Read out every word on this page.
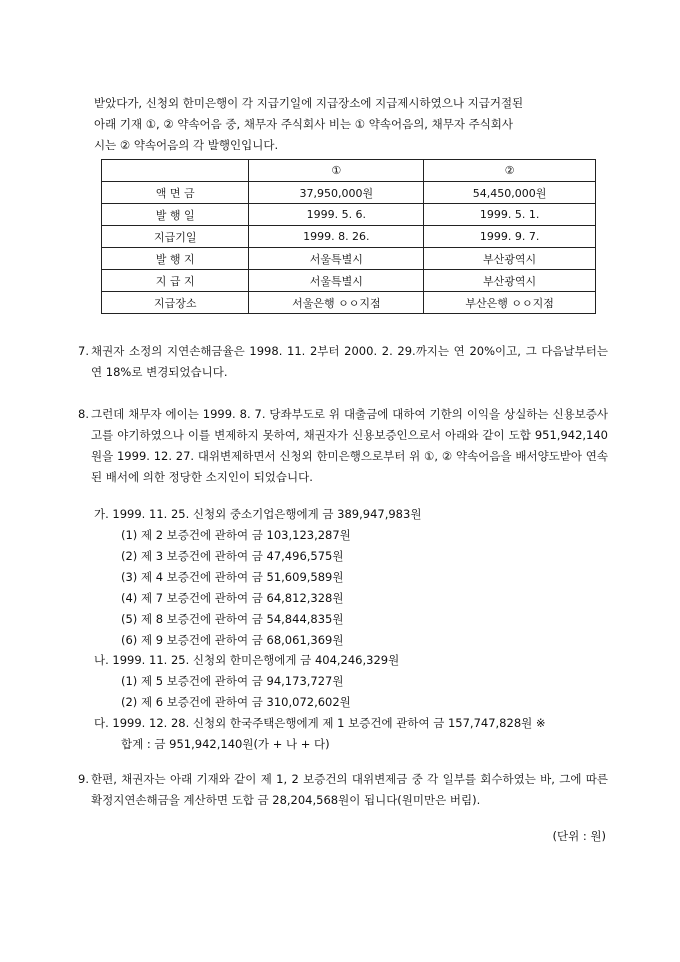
받았다가, 신청외 한미은행이 각 지급기일에 지급장소에 지급제시하였으나 지급거절된

아래 기재 ①, ② 약속어음 중, 채무자 주식회사 비는 ① 약속어음의, 채무자 주식회사

시는 ② 약속어음의 각 발행인입니다.

	①	②
액 면 금	37,950,000원	54,450,000원
발 행 일	1999. 5. 6.	1999. 5. 1.
지급기일	1999. 8. 26.	1999. 9. 7.
발 행 지	서울특별시	부산광역시
지 급 지	서울특별시	부산광역시
지급장소	서울은행 ㅇㅇ지점	부산은행 ㅇㅇ지점
7. 채권자 소정의 지연손해금율은 1998. 11. 2부터 2000. 2. 29.까지는 연 20%이고, 그 다음날부터는 연 18%로 변경되었습니다.
8. 그런데 채무자 에이는 1999. 8. 7. 당좌부도로 위 대출금에 대하여 기한의 이익을 상실하는 신용보증사고를 야기하였으나 이를 변제하지 못하여, 채권자가 신용보증인으로서 아래와 같이 도합 951,942,140원을 1999. 12. 27. 대위변제하면서 신청외 한미은행으로부터 위 ①, ② 약속어음을 배서양도받아 연속된 배서에 의한 정당한 소지인이 되었습니다.
가. 1999. 11. 25. 신청외 중소기업은행에게 금 389,947,983원
(1) 제 2 보증건에 관하여 금 103,123,287원
(2) 제 3 보증건에 관하여 금 47,496,575원
(3) 제 4 보증건에 관하여 금 51,609,589원
(4) 제 7 보증건에 관하여 금 64,812,328원
(5) 제 8 보증건에 관하여 금 54,844,835원
(6) 제 9 보증건에 관하여 금 68,061,369원
나. 1999. 11. 25. 신청외 한미은행에게 금 404,246,329원
(1) 제 5 보증건에 관하여 금 94,173,727원
(2) 제 6 보증건에 관하여 금 310,072,602원
다. 1999. 12. 28. 신청외 한국주택은행에게 제 1 보증건에 관하여 금 157,747,828원 ※
합계 : 금 951,942,140원(가 + 나 + 다)
9. 한편, 채권자는 아래 기재와 같이 제 1, 2 보증건의 대위변제금 중 각 일부를 회수하였는 바, 그에 따른 확정지연손해금을 계산하면 도합 금 28,204,568원이 됩니다(원미만은 버림).
(단위 : 원)
